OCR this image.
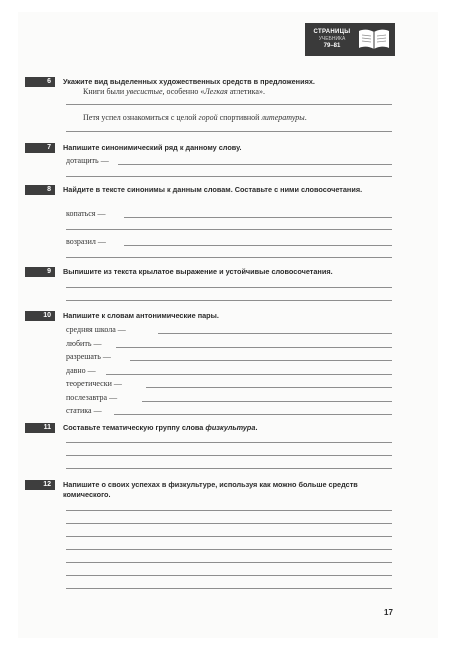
СТРАНИЦЫ
УЧЕБНИКА
79–81
6	Укажите вид выделенных художественных средств в предложениях.
Книги были увесистые, особенно «Легкая атлетика».
Петя успел ознакомиться с целой горой спортивной литературы.
7	Напишите синонимический ряд к данному слову.
дотащить —
8	Найдите в тексте синонимы к данным словам. Составьте с ними словосочетания.
копаться —
возразил —
9	Выпишите из текста крылатое выражение и устойчивые словосочетания.
10	Напишите к словам антонимические пары.
средняя школа —
любить —
разрешать —
давно —
теоретически —
послезавтра —
статика —
11	Составьте тематическую группу слова физкультура.
12	Напишите о своих успехах в физкультуре, используя как можно больше средств комического.
17
